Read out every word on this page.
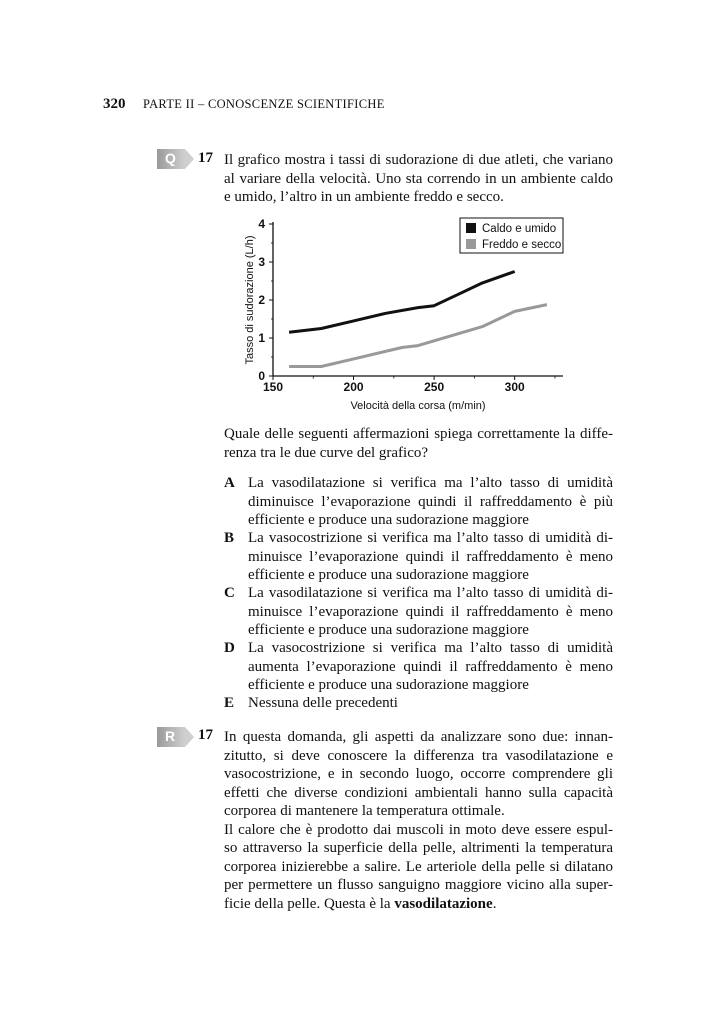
320 PARTE II – CONOSCENZE SCIENTIFICHE
Q 17 Il grafico mostra i tassi di sudorazione di due atleti, che variano
al variare della velocità. Uno sta correndo in un ambiente caldo
e umido, l’altro in un ambiente freddo e secco.
0
1
2
3
4
150	200	250	300
Velocità della corsa (m/min)
Tasso di sudorazione (L/h)
Caldo e umido
Freddo e secco
Quale delle seguenti affermazioni spiega correttamente la diffe-
renza tra le due curve del grafico?
A La vasodilatazione si verifica ma l’alto tasso di umidità
diminuisce l’evaporazione quindi il raffreddamento è più
efficiente e produce una sudorazione maggiore
B La vasocostrizione si verifica ma l’alto tasso di umidità di-
minuisce l’evaporazione quindi il raffreddamento è meno
efficiente e produce una sudorazione maggiore
C La vasodilatazione si verifica ma l’alto tasso di umidità di-
minuisce l’evaporazione quindi il raffreddamento è meno
efficiente e produce una sudorazione maggiore
D La vasocostrizione si verifica ma l’alto tasso di umidità
aumenta l’evaporazione quindi il raffreddamento è meno
efficiente e produce una sudorazione maggiore
E Nessuna delle precedenti
R 17 In questa domanda, gli aspetti da analizzare sono due: innan-
zitutto, si deve conoscere la differenza tra vasodilatazione e
vasocostrizione, e in secondo luogo, occorre comprendere gli
effetti che diverse condizioni ambientali hanno sulla capacità
corporea di mantenere la temperatura ottimale.
Il calore che è prodotto dai muscoli in moto deve essere espul-
so attraverso la superficie della pelle, altrimenti la temperatura
corporea inizierebbe a salire. Le arteriole della pelle si dilatano
per permettere un flusso sanguigno maggiore vicino alla super-
ficie della pelle. Questa è la vasodilatazione.
